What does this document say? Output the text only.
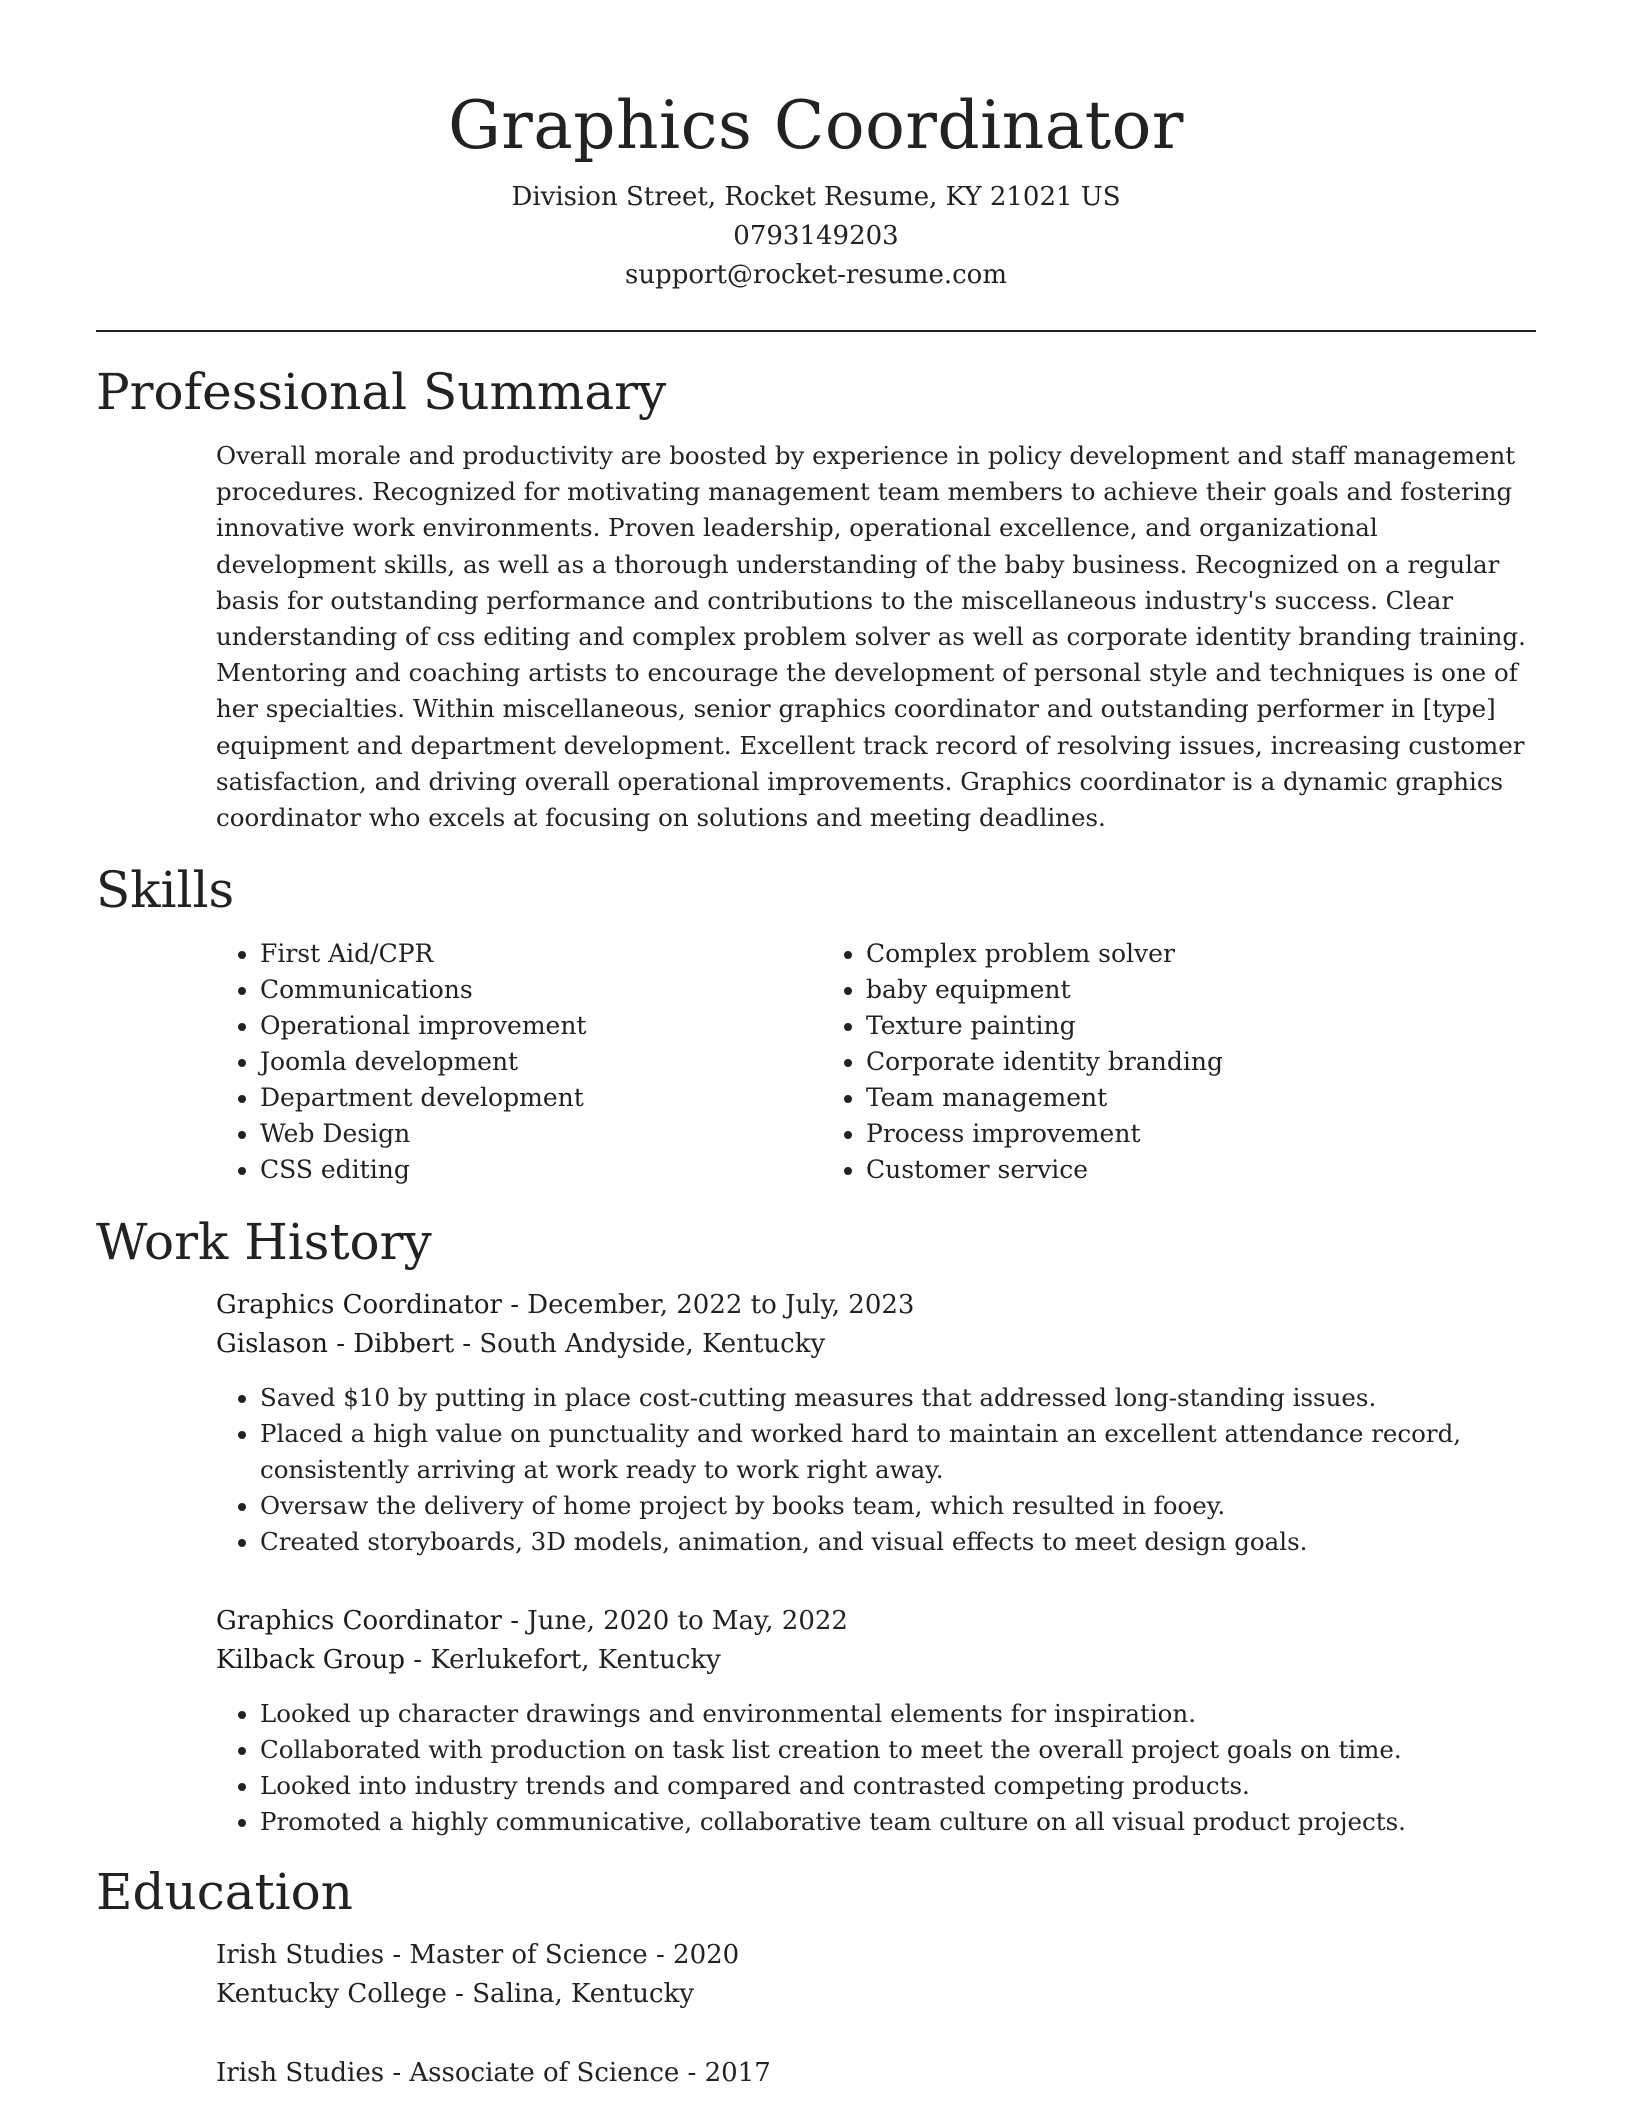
Graphics Coordinator
Division Street, Rocket Resume, KY 21021 US
0793149203
support@rocket-resume.com
Professional Summary

Overall morale and productivity are boosted by experience in policy development and staff management procedures. Recognized for motivating management team members to achieve their goals and fostering innovative work environments. Proven leadership, operational excellence, and organizational development skills, as well as a thorough understanding of the baby business. Recognized on a regular basis for outstanding performance and contributions to the miscellaneous industry's success. Clear understanding of css editing and complex problem solver as well as corporate identity branding training. Mentoring and coaching artists to encourage the development of personal style and techniques is one of her specialties. Within miscellaneous, senior graphics coordinator and outstanding performer in [type] equipment and department development. Excellent track record of resolving issues, increasing customer satisfaction, and driving overall operational improvements. Graphics coordinator is a dynamic graphics coordinator who excels at focusing on solutions and meeting deadlines.

Skills
• First Aid/CPR
• Communications
• Operational improvement
• Joomla development
• Department development
• Web Design
• CSS editing
• Complex problem solver
• baby equipment
• Texture painting
• Corporate identity branding
• Team management
• Process improvement
• Customer service
Work History
Graphics Coordinator - December, 2022 to July, 2023
Gislason - Dibbert - South Andyside, Kentucky
• Saved $10 by putting in place cost-cutting measures that addressed long-standing issues.
• Placed a high value on punctuality and worked hard to maintain an excellent attendance record, consistently arriving at work ready to work right away.
• Oversaw the delivery of home project by books team, which resulted in fooey.
• Created storyboards, 3D models, animation, and visual effects to meet design goals.
Graphics Coordinator - June, 2020 to May, 2022
Kilback Group - Kerlukefort, Kentucky
• Looked up character drawings and environmental elements for inspiration.
• Collaborated with production on task list creation to meet the overall project goals on time.
• Looked into industry trends and compared and contrasted competing products.
• Promoted a highly communicative, collaborative team culture on all visual product projects.
Education
Irish Studies - Master of Science - 2020
Kentucky College - Salina, Kentucky
Irish Studies - Associate of Science - 2017
